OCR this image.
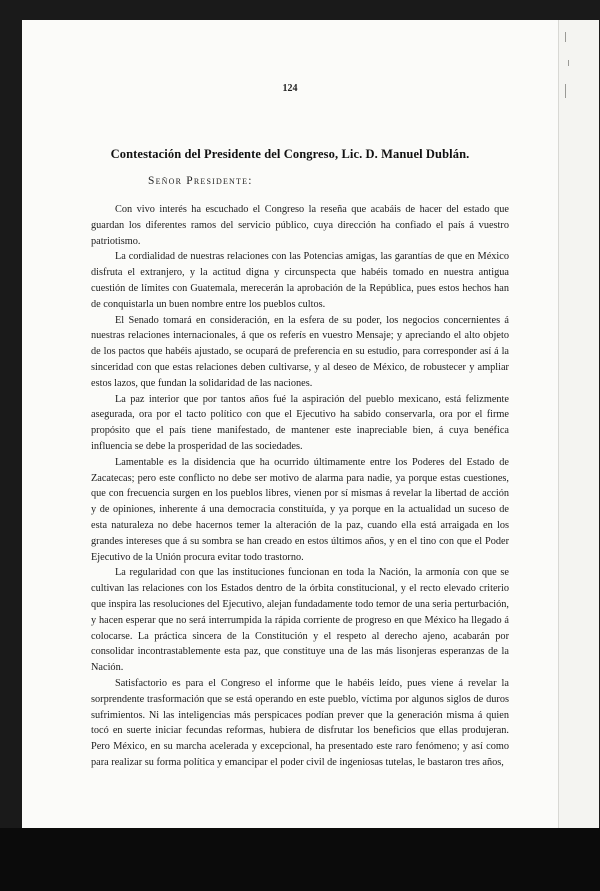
124
Contestación del Presidente del Congreso, Lic. D. Manuel Dublán.
Señor Presidente:

Con vivo interés ha escuchado el Congreso la reseña que acabáis de hacer del estado que guardan los diferentes ramos del servicio público, cuya dirección ha confiado el país á vuestro patriotismo.

La cordialidad de nuestras relaciones con las Potencias amigas, las garantías de que en México disfruta el extranjero, y la actitud digna y circunspecta que habéis tomado en nuestra antigua cuestión de límites con Guatemala, merecerán la aprobación de la República, pues estos hechos han de conquistarla un buen nombre entre los pueblos cultos.

El Senado tomará en consideración, en la esfera de su poder, los negocios concernientes á nuestras relaciones internacionales, á que os referís en vuestro Mensaje; y apreciando el alto objeto de los pactos que habéis ajustado, se ocupará de preferencia en su estudio, para corresponder así á la sinceridad con que estas relaciones deben cultivarse, y al deseo de México, de robustecer y ampliar estos lazos, que fundan la solidaridad de las naciones.

La paz interior que por tantos años fué la aspiración del pueblo mexicano, está felizmente asegurada, ora por el tacto político con que el Ejecutivo ha sabido conservarla, ora por el firme propósito que el país tiene manifestado, de mantener este inapreciable bien, á cuya benéfica influencia se debe la prosperidad de las sociedades.

Lamentable es la disidencia que ha ocurrido últimamente entre los Poderes del Estado de Zacatecas; pero este conflicto no debe ser motivo de alarma para nadie, ya porque estas cuestiones, que con frecuencia surgen en los pueblos libres, vienen por sí mismas á revelar la libertad de acción y de opiniones, inherente á una democracia constituída, y ya porque en la actualidad un suceso de esta naturaleza no debe hacernos temer la alteración de la paz, cuando ella está arraigada en los grandes intereses que á su sombra se han creado en estos últimos años, y en el tino con que el Poder Ejecutivo de la Unión procura evitar todo trastorno.

La regularidad con que las instituciones funcionan en toda la Nación, la armonía con que se cultivan las relaciones con los Estados dentro de la órbita constitucional, y el recto elevado criterio que inspira las resoluciones del Ejecutivo, alejan fundadamente todo temor de una seria perturbación, y hacen esperar que no será interrumpida la rápida corriente de progreso en que México ha llegado á colocarse. La práctica sincera de la Constitución y el respeto al derecho ajeno, acabarán por consolidar incontrastablemente esta paz, que constituye una de las más lisonjeras esperanzas de la Nación.

Satisfactorio es para el Congreso el informe que le habéis leído, pues viene á revelar la sorprendente trasformación que se está operando en este pueblo, víctima por algunos siglos de duros sufrimientos. Ni las inteligencias más perspicaces podían prever que la generación misma á quien tocó en suerte iniciar fecundas reformas, hubiera de disfrutar los beneficios que ellas produjeran. Pero México, en su marcha acelerada y excepcional, ha presentado este raro fenómeno; y así como para realizar su forma política y emancipar el poder civil de ingeniosas tutelas, le bastaron tres años,
